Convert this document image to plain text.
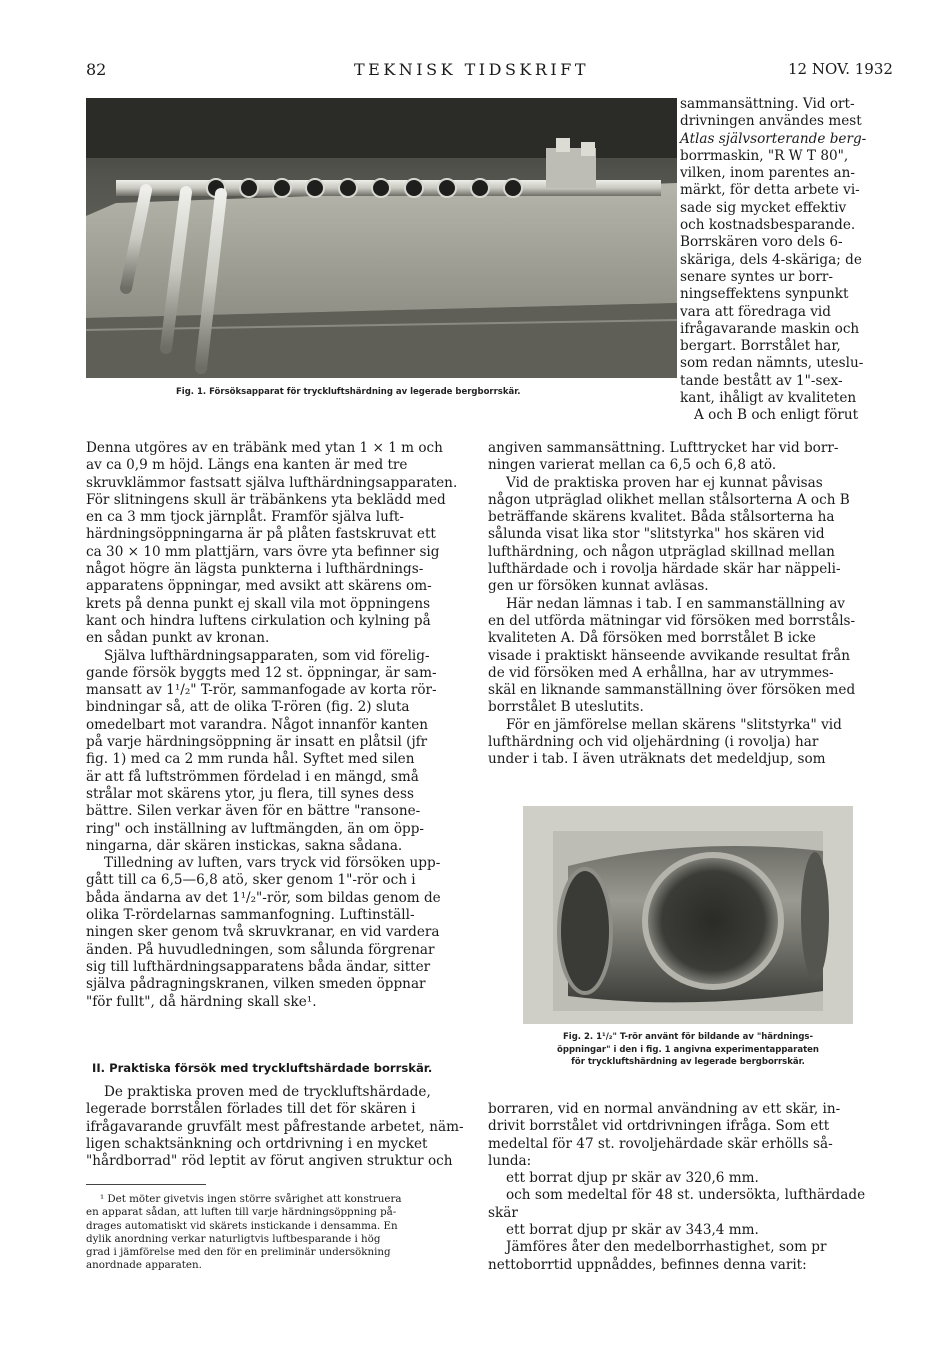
82	TEKNISK TIDSKRIFT	12 NOV. 1932
Fig. 1. Försöksapparat för tryckluftshärdning av legerade bergborrskär.
sammansättning. Vid ort-
drivningen användes mest
Atlas självsorterande berg-
borrmaskin, "R W T 80",
vilken, inom parentes an-
märkt, för detta arbete vi-
sade sig mycket effektiv
och kostnadsbesparande.
Borrskären voro dels 6-
skäriga, dels 4-skäriga; de
senare syntes ur borr-
ningseffektens synpunkt
vara att föredraga vid
ifrågavarande maskin och
bergart. Borrstålet har,
som redan nämnts, uteslu-
tande bestått av 1"-sex-
kant, ihåligt av kvaliteten
A och B och enligt förut
angiven sammansättning. Lufttrycket har vid borr-
ningen varierat mellan ca 6,5 och 6,8 atö.
Vid de praktiska proven har ej kunnat påvisas
någon utpräglad olikhet mellan stålsorterna A och B
beträffande skärens kvalitet. Båda stålsorterna ha
sålunda visat lika stor "slitstyrka" hos skären vid
lufthärdning, och någon utpräglad skillnad mellan
lufthärdade och i rovolja härdade skär har näppeli-
gen ur försöken kunnat avläsas.
Här nedan lämnas i tab. I en sammanställning av
en del utförda mätningar vid försöken med borrståls-
kvaliteten A. Då försöken med borrstålet B icke
visade i praktiskt hänseende avvikande resultat från
de vid försöken med A erhållna, har av utrymmes-
skäl en liknande sammanställning över försöken med
borrstålet B uteslutits.
För en jämförelse mellan skärens "slitstyrka" vid
lufthärdning och vid oljehärdning (i rovolja) har
under i tab. I även uträknats det medeldjup, som
Fig. 2. 1¹/₂" T-rör använt för bildande av "härdnings-
öppningar" i den i fig. 1 angivna experimentapparaten
för tryckluftshärdning av legerade bergborrskär.
borraren, vid en normal användning av ett skär, in-
drivit borrstålet vid ortdrivningen ifråga. Som ett
medeltal för 47 st. rovoljehärdade skär erhölls så-
lunda:
ett borrat djup pr skär av 320,6 mm.
och som medeltal för 48 st. undersökta, lufthärdade
skär
ett borrat djup pr skär av 343,4 mm.
Jämföres åter den medelborrhastighet, som pr
nettoborrtid uppnåddes, befinnes denna varit:
Denna utgöres av en träbänk med ytan 1 × 1 m och
av ca 0,9 m höjd. Längs ena kanten är med tre
skruvklämmor fastsatt själva lufthärdningsapparaten.
För slitningens skull är träbänkens yta beklädd med
en ca 3 mm tjock järnplåt. Framför själva luft-
härdningsöppningarna är på plåten fastskruvat ett
ca 30 × 10 mm plattjärn, vars övre yta befinner sig
något högre än lägsta punkterna i lufthärdnings-
apparatens öppningar, med avsikt att skärens om-
krets på denna punkt ej skall vila mot öppningens
kant och hindra luftens cirkulation och kylning på
en sådan punkt av kronan.
Själva lufthärdningsapparaten, som vid förelig-
gande försök byggts med 12 st. öppningar, är sam-
mansatt av 1¹/₂" T-rör, sammanfogade av korta rör-
bindningar så, att de olika T-rören (fig. 2) sluta
omedelbart mot varandra. Något innanför kanten
på varje härdningsöppning är insatt en plåtsil (jfr
fig. 1) med ca 2 mm runda hål. Syftet med silen
är att få luftströmmen fördelad i en mängd, små
strålar mot skärens ytor, ju flera, till synes dess
bättre. Silen verkar även för en bättre "ransone-
ring" och inställning av luftmängden, än om öpp-
ningarna, där skären instickas, sakna sådana.
Tilledning av luften, vars tryck vid försöken upp-
gått till ca 6,5—6,8 atö, sker genom 1"-rör och i
båda ändarna av det 1¹/₂"-rör, som bildas genom de
olika T-rördelarnas sammanfogning. Luftinställ-
ningen sker genom två skruvkranar, en vid vardera
änden. På huvudledningen, som sålunda förgrenar
sig till lufthärdningsapparatens båda ändar, sitter
själva pådragningskranen, vilken smeden öppnar
"för fullt", då härdning skall ske¹.
II. Praktiska försök med tryckluftshärdade borrskär.
De praktiska proven med de tryckluftshärdade,
legerade borrstålen förlades till det för skären i
ifrågavarande gruvfält mest påfrestande arbetet, näm-
ligen schaktsänkning och ortdrivning i en mycket
"hårdborrad" röd leptit av förut angiven struktur och
¹ Det möter givetvis ingen större svårighet att konstruera
en apparat sådan, att luften till varje härdningsöppning på-
drages automatiskt vid skärets instickande i densamma. En
dylik anordning verkar naturligtvis luftbesparande i hög
grad i jämförelse med den för en preliminär undersökning
anordnade apparaten.
